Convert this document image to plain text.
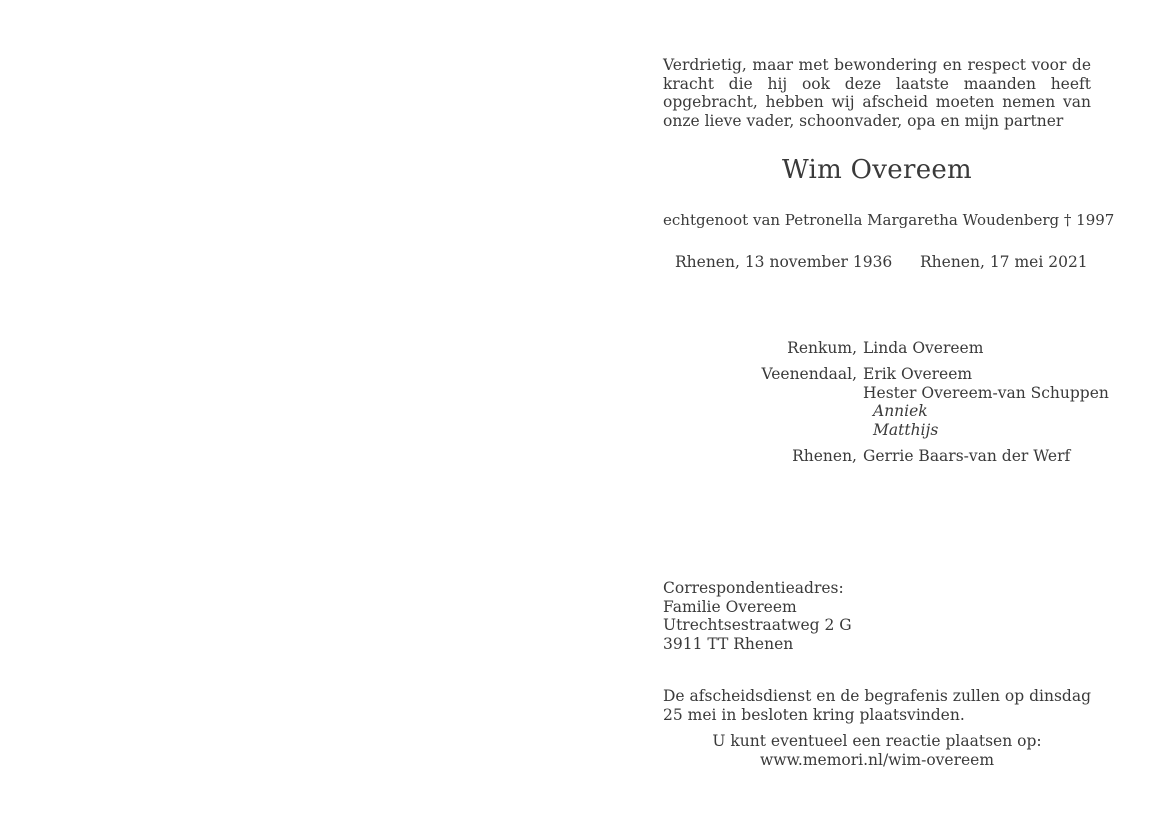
Verdrietig, maar met bewondering en respect voor de kracht die hij ook deze laatste maanden heeft opgebracht, hebben wij afscheid moeten nemen van onze lieve vader, schoonvader, opa en mijn partner
Wim Overeem
echtgenoot van Petronella Margaretha Woudenberg † 1997
Rhenen, 13 november 1936 Rhenen, 17 mei 2021
Renkum, Linda Overeem
Veenendaal, Erik Overeem
Hester Overeem-van Schuppen
Anniek
Matthijs
Rhenen, Gerrie Baars-van der Werf
Correspondentieadres:
Familie Overeem
Utrechtsestraatweg 2 G
3911 TT Rhenen
De afscheidsdienst en de begrafenis zullen op dinsdag 25 mei in besloten kring plaatsvinden.
U kunt eventueel een reactie plaatsen op:
www.memori.nl/wim-overeem
